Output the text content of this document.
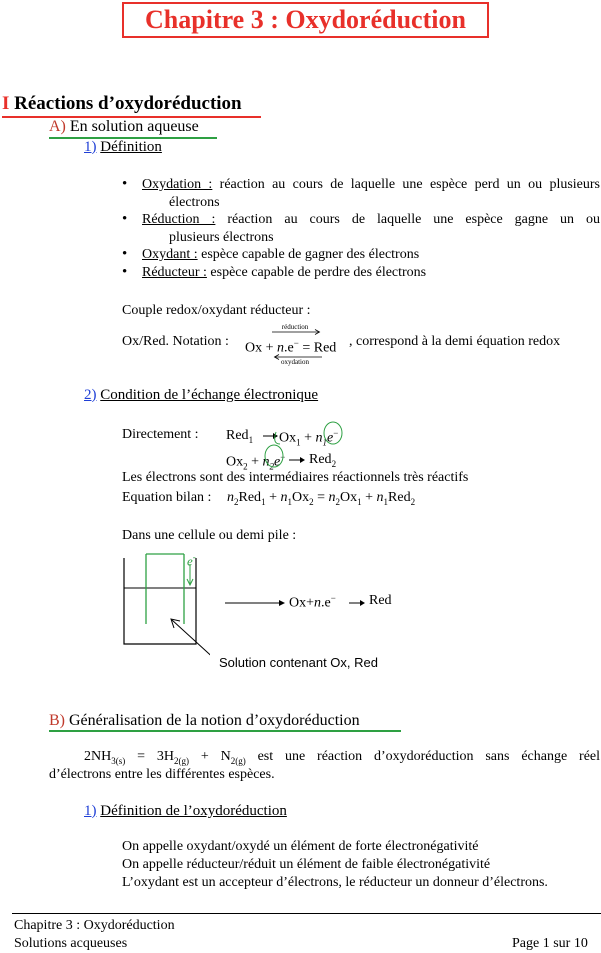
Chapitre 3 : Oxydoréduction
I Réactions d’oxydoréduction
A) En solution aqueuse
1) Définition
• Oxydation : réaction au cours de laquelle une espèce perd un ou plusieurs
électrons
• Réduction : réaction au cours de laquelle une espèce gagne un ou
plusieurs électrons
• Oxydant : espèce capable de gagner des électrons
• Réducteur : espèce capable de perdre des électrons
Couple redox/oxydant réducteur :
Ox/Red. Notation :
réduction
Ox + n.e− = Red
oxydation
, correspond à la demi équation redox
2) Condition de l’échange électronique
Directement : Red$_1$ $Ox_1 + n_1e^-$
$Ox_2 + n_2e^-$ Red$_2$
Les électrons sont des intermédiaires réactionnels très réactifs
Equation bilan : $n_2Red_1 + n_1Ox_2 = n_2Ox_1 + n_1Red_2$
Dans une cellule ou demi pile :
e-
Ox+n.e− Red
Solution contenant Ox, Red
B) Généralisation de la notion d’oxydoréduction
$2NH_{3(s)} = 3H_{2(g)} + N_{2(g)}$ est une réaction d’oxydoréduction sans échange réel
d’électrons entre les différentes espèces.
1) Définition de l’oxydoréduction
On appelle oxydant/oxydé un élément de forte électronégativité
On appelle réducteur/réduit un élément de faible électronégativité
L’oxydant est un accepteur d’électrons, le réducteur un donneur d’électrons.
Chapitre 3 : Oxydoréduction
Solutions acqueuses	Page 1 sur 10
